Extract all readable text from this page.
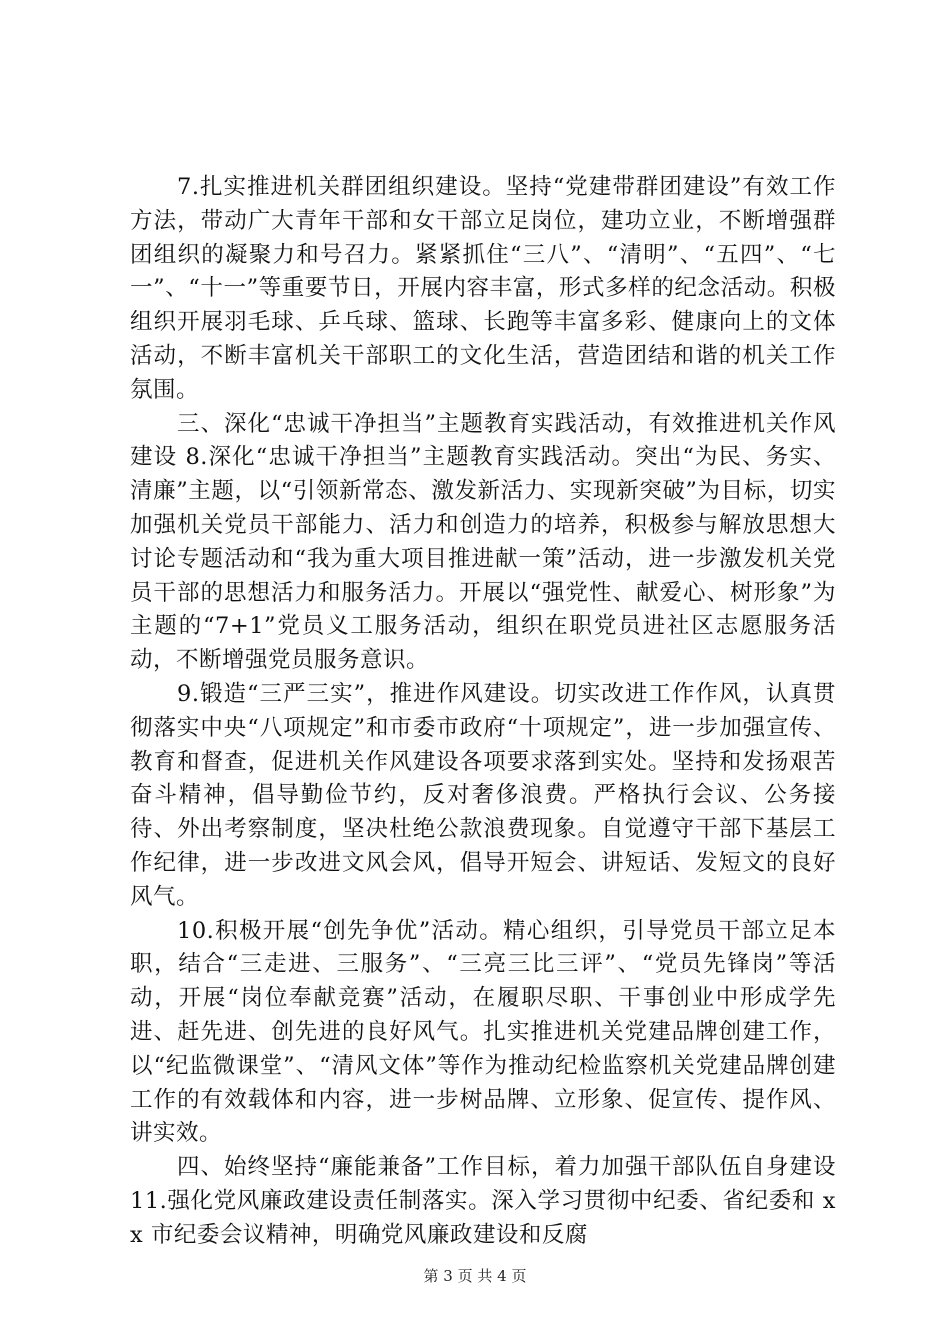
7.扎实推进机关群团组织建设。坚持“党建带群团建设”有效工作方法，带动广大青年干部和女干部立足岗位，建功立业，不断增强群团组织的凝聚力和号召力。紧紧抓住“三八”、“清明”、“五四”、“七一”、“十一”等重要节日，开展内容丰富，形式多样的纪念活动。积极组织开展羽毛球、乒乓球、篮球、长跑等丰富多彩、健康向上的文体活动，不断丰富机关干部职工的文化生活，营造团结和谐的机关工作氛围。

三、深化“忠诚干净担当”主题教育实践活动，有效推进机关作风建设 8.深化“忠诚干净担当”主题教育实践活动。突出“为民、务实、清廉”主题，以“引领新常态、激发新活力、实现新突破”为目标，切实加强机关党员干部能力、活力和创造力的培养，积极参与解放思想大讨论专题活动和“我为重大项目推进献一策”活动，进一步激发机关党员干部的思想活力和服务活力。开展以“强党性、献爱心、树形象”为主题的“7+1”党员义工服务活动，组织在职党员进社区志愿服务活动，不断增强党员服务意识。

9.锻造“三严三实”，推进作风建设。切实改进工作作风，认真贯彻落实中央“八项规定”和市委市政府“十项规定”，进一步加强宣传、教育和督查，促进机关作风建设各项要求落到实处。坚持和发扬艰苦奋斗精神，倡导勤俭节约，反对奢侈浪费。严格执行会议、公务接待、外出考察制度，坚决杜绝公款浪费现象。自觉遵守干部下基层工作纪律，进一步改进文风会风，倡导开短会、讲短话、发短文的良好风气。

10.积极开展“创先争优”活动。精心组织，引导党员干部立足本职，结合“三走进、三服务”、“三亮三比三评”、“党员先锋岗”等活动，开展“岗位奉献竞赛”活动，在履职尽职、干事创业中形成学先进、赶先进、创先进的良好风气。扎实推进机关党建品牌创建工作，以“纪监微课堂”、“清风文体”等作为推动纪检监察机关党建品牌创建工作的有效载体和内容，进一步树品牌、立形象、促宣传、提作风、讲实效。

四、始终坚持“廉能兼备”工作目标，着力加强干部队伍自身建设 11.强化党风廉政建设责任制落实。深入学习贯彻中纪委、省纪委和 xx 市纪委会议精神，明确党风廉政建设和反腐

第 3 页 共 4 页
